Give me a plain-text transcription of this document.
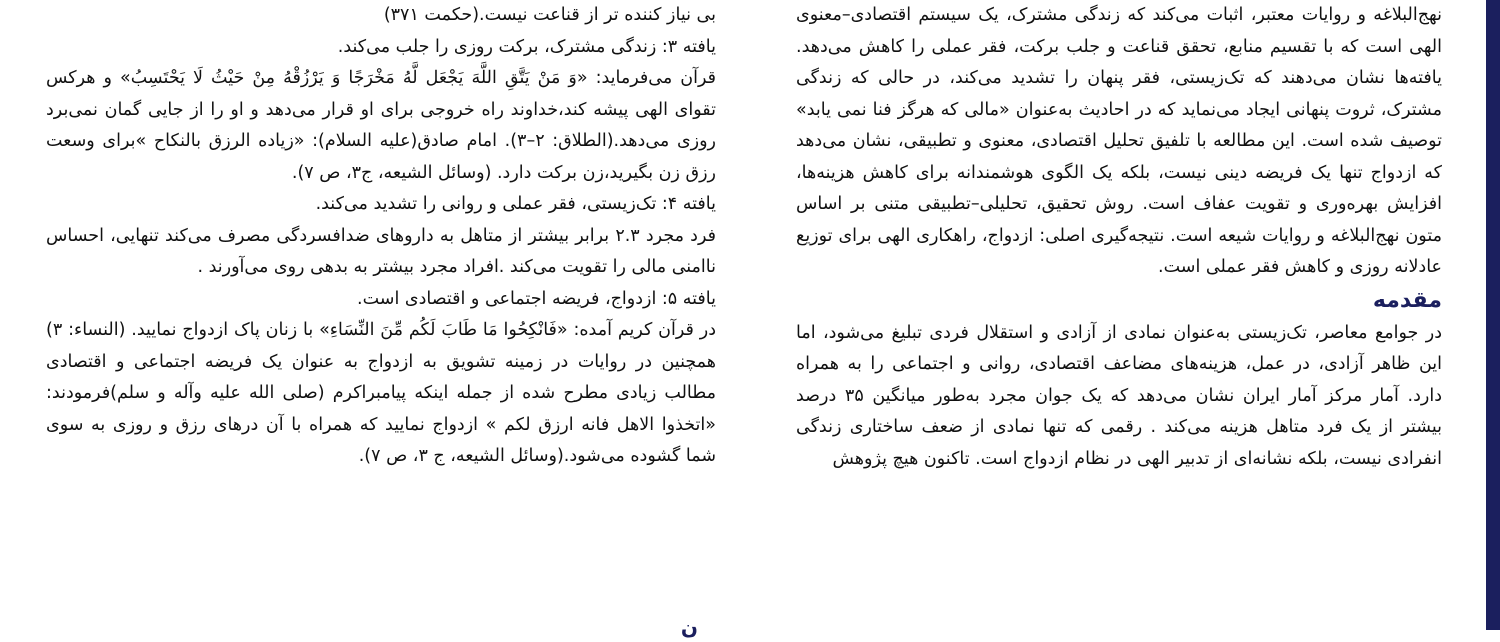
بی نیاز کننده تر از قناعت نیست.(حکمت ۳۷۱)

یافته ۳: زندگی مشترک، برکت روزی را جلب می‌کند.

قرآن می‌فرماید: «وَ مَنْ یَتَّقِ اللَّهَ یَجْعَل لَّهُ مَخْرَجًا وَ یَرْزُقْهُ مِنْ حَیْثُ لَا یَحْتَسِبُ» و هرکس تقوای الهی پیشه کند،خداوند راه خروجی برای او قرار می‌دهد و او را از جایی گمان نمی‌برد روزی می‌دهد.(الطلاق: ۲–۳). امام صادق(علیه السلام): «زیاده الرزق بالنکاح »برای وسعت رزق زن بگیرید،زن برکت دارد. (وسائل الشیعه، ج۳، ص ۷).

یافته ۴: تک‌زیستی، فقر عملی و روانی را تشدید می‌کند.

فرد مجرد ۲.۳ برابر بیشتر از متاهل به داروهای ضدافسردگی مصرف می‌کند تنهایی، احساس ناامنی مالی را تقویت می‌کند .افراد مجرد بیشتر به بدهی روی می‌آورند .

یافته ۵: ازدواج، فریضه اجتماعی و اقتصادی است.

در قرآن کریم آمده: «فَانْکِحُوا مَا طَابَ لَکُم مِّنَ النِّسَاءِ» با زنان پاک ازدواج نمایید. (النساء: ۳) همچنین در روایات در زمینه تشویق به ازدواج به عنوان یک فریضه اجتماعی و اقتصادی مطالب زیادی مطرح شده از جمله اینکه پیامبراکرم (صلی الله علیه وآله و سلم)فرمودند: «اتخذوا الاهل فانه ارزق لکم » ازدواج نمایید که همراه با آن درهای رزق و روزی به سوی شما گشوده می‌شود.(وسائل الشیعه، ج ۳، ص ۷).

ن

نهج‌البلاغه و روایات معتبر، اثبات می‌کند که زندگی مشترک، یک سیستم اقتصادی–معنوی الهی است که با تقسیم منابع، تحقق قناعت و جلب برکت، فقر عملی را کاهش می‌دهد. یافته‌ها نشان می‌دهند که تک‌زیستی، فقر پنهان را تشدید می‌کند، در حالی که زندگی مشترک، ثروت پنهانی ایجاد می‌نماید که در احادیث به‌عنوان «مالی که هرگز فنا نمی یابد» توصیف شده است. این مطالعه با تلفیق تحلیل اقتصادی، معنوی و تطبیقی، نشان می‌دهد که ازدواج تنها یک فریضه دینی نیست، بلکه یک الگوی هوشمندانه برای کاهش هزینه‌ها، افزایش بهره‌وری و تقویت عفاف است. روش تحقیق، تحلیلی–تطبیقی متنی بر اساس متون نهج‌البلاغه و روایات شیعه است. نتیجه‌گیری اصلی: ازدواج، راهکاری الهی برای توزیع عادلانه روزی و کاهش فقر عملی است.

مقدمه

در جوامع معاصر، تک‌زیستی به‌عنوان نمادی از آزادی و استقلال فردی تبلیغ می‌شود، اما این ظاهر آزادی، در عمل، هزینه‌های مضاعف اقتصادی، روانی و اجتماعی را به همراه دارد. آمار مرکز آمار ایران نشان می‌دهد که یک جوان مجرد به‌طور میانگین ۳۵ درصد بیشتر از یک فرد متاهل هزینه می‌کند . رقمی که تنها نمادی از ضعف ساختاری زندگی انفرادی نیست، بلکه نشانه‌ای از تدبیر الهی در نظام ازدواج است. تاکنون هیچ پژوهش
